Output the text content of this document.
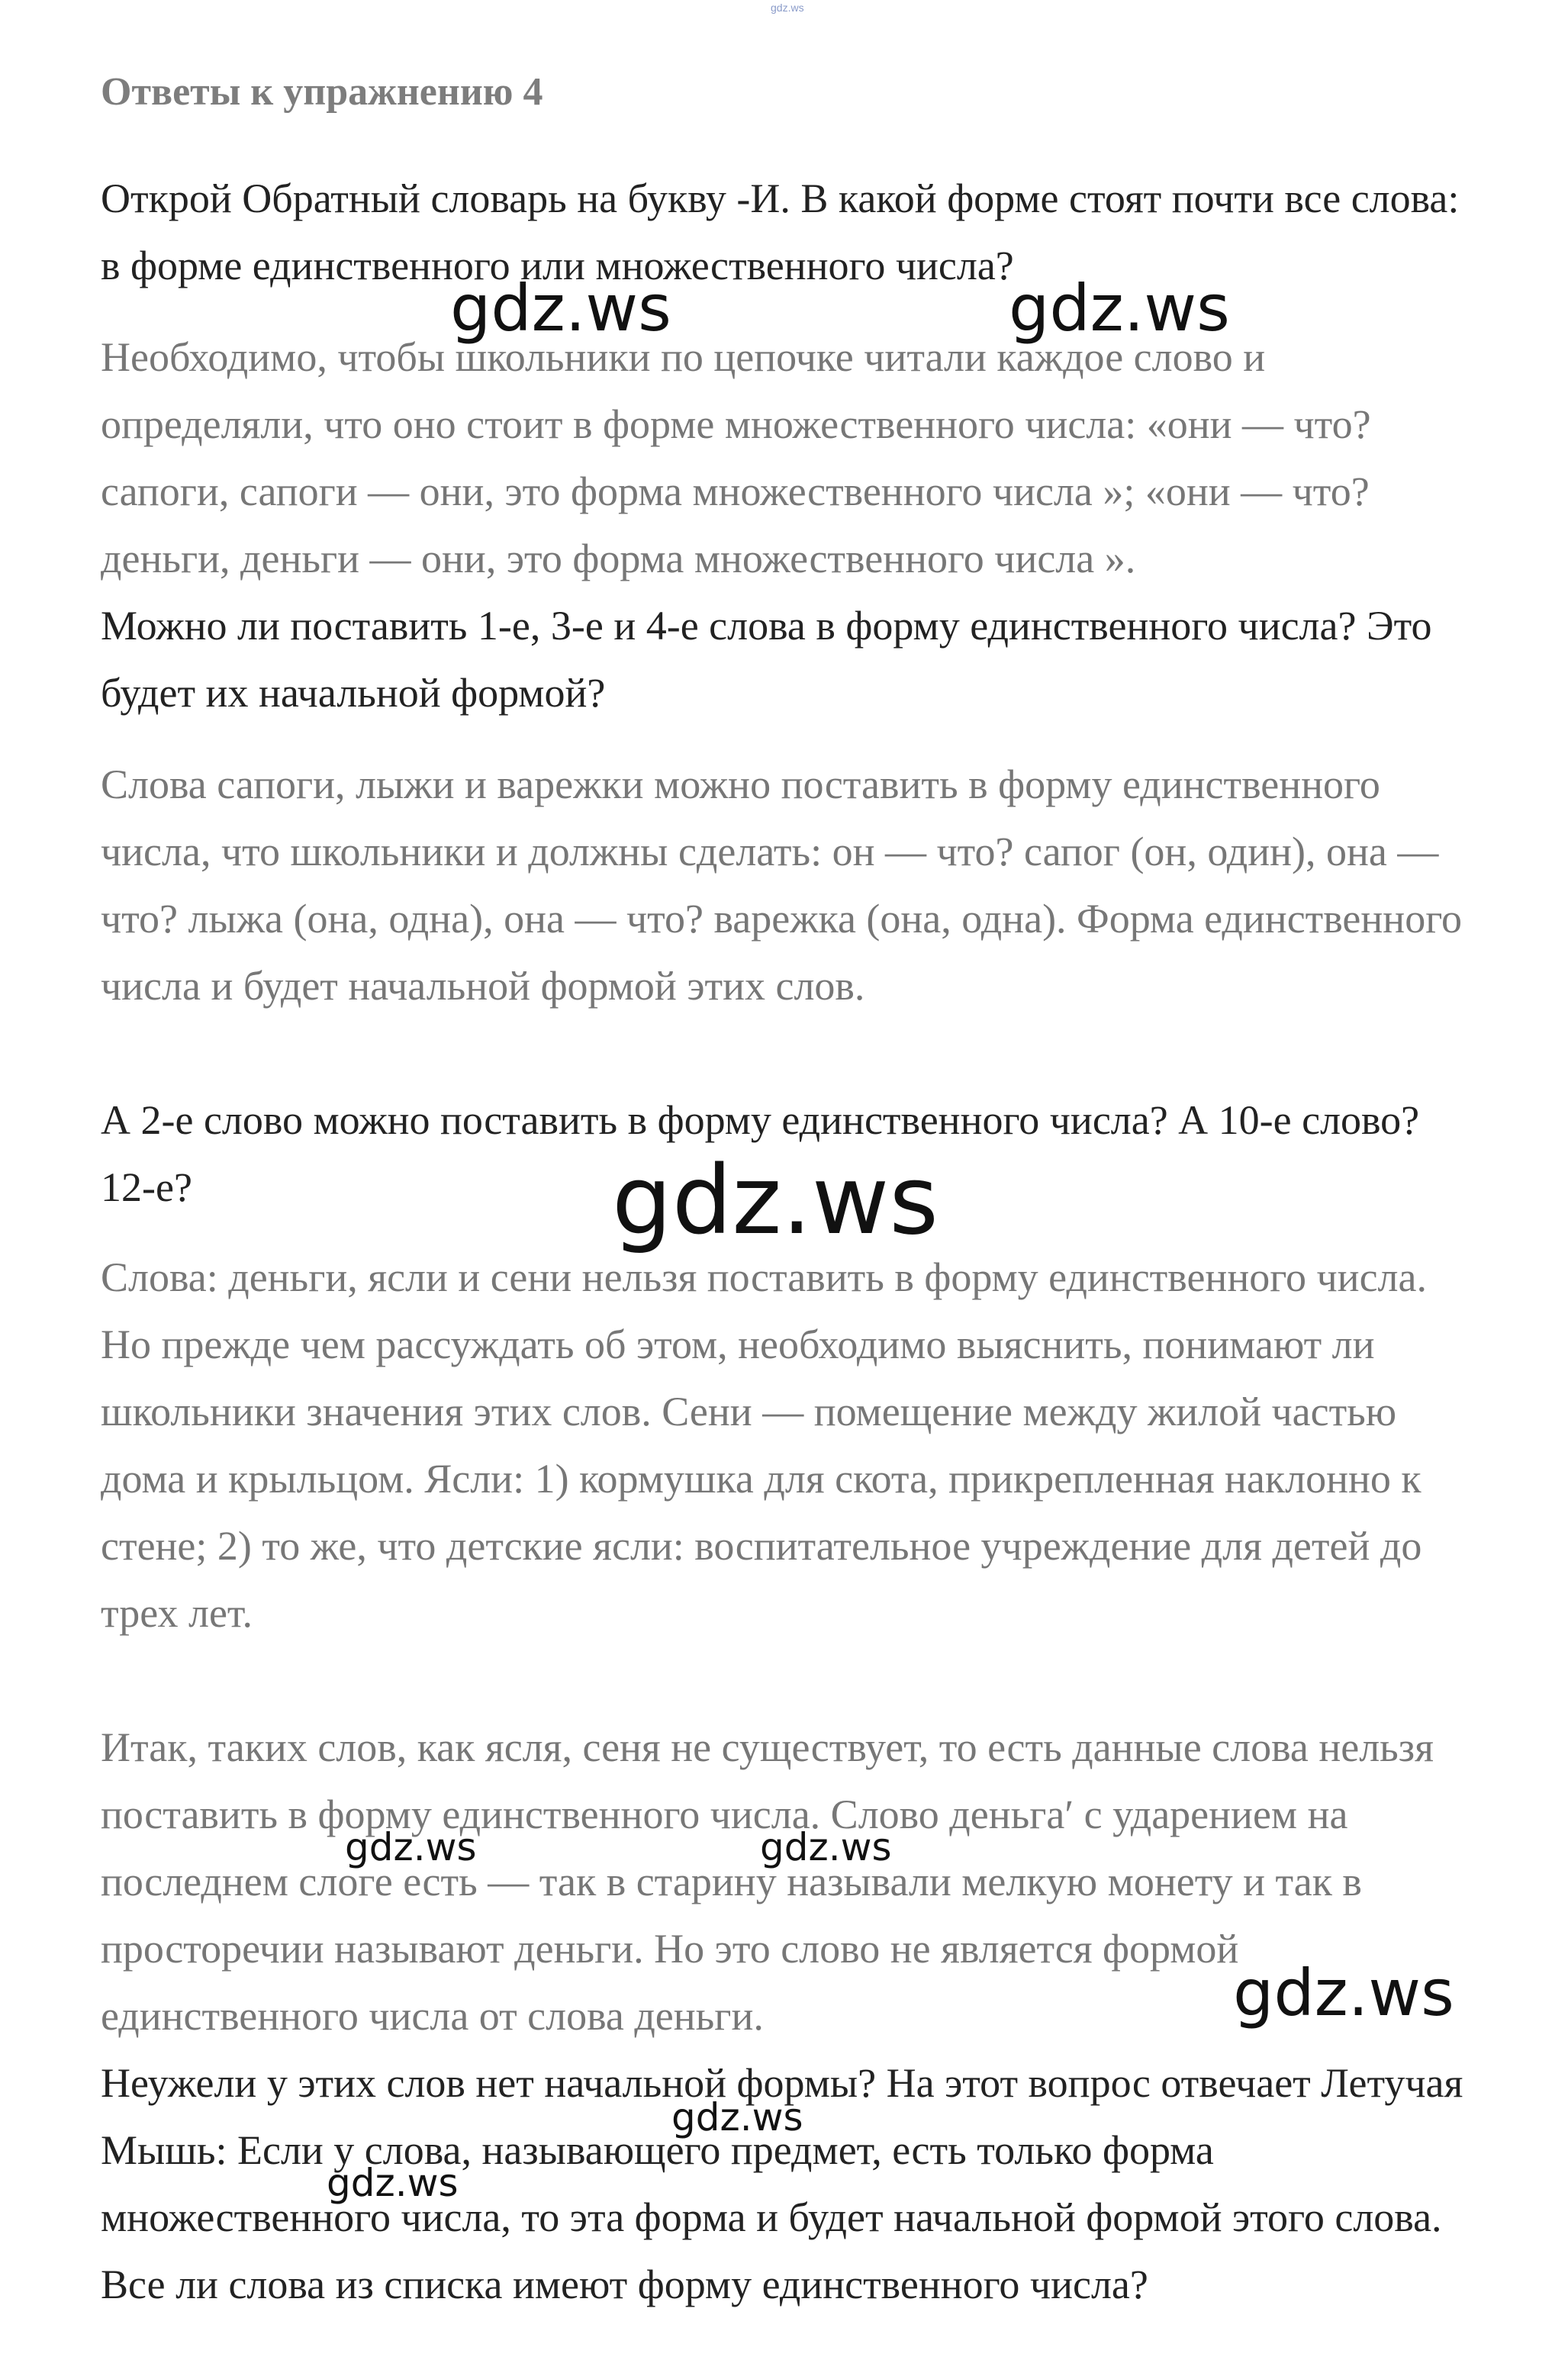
gdz.ws
Ответы к упражнению 4

Открой Обратный словарь на букву -И. В какой форме стоят почти все слова: в форме единственного или множественного числа?

Необходимо, чтобы школьники по цепочке читали каждое слово и определяли, что оно стоит в форме множественного числа: «они — что? сапоги, сапоги — они, это форма множественного числа »; «они — что? деньги, деньги — они, это форма множественного числа ».

Можно ли поставить 1-е, 3-е и 4-е слова в форму единственного числа? Это будет их начальной формой?

Слова сапоги, лыжи и варежки можно поставить в форму единственного числа, что школьники и должны сделать: он — что? сапог (он, один), она — что? лыжа (она, одна), она — что? варежка (она, одна). Форма единственного числа и будет начальной формой этих слов.

А 2-е слово можно поставить в форму единственного числа? А 10-е слово? 12-е?

Слова: деньги, ясли и сени нельзя поставить в форму единственного числа. Но прежде чем рассуждать об этом, необходимо выяснить, понимают ли школьники значения этих слов. Сени — помещение между жилой частью дома и крыльцом. Ясли: 1) кормушка для скота, прикрепленная наклонно к стене; 2) то же, что детские ясли: воспитательное учреждение для детей до трех лет.

Итак, таких слов, как ясля, сеня не существует, то есть данные слова нельзя поставить в форму единственного числа. Слово деньга′ с ударением на последнем слоге есть — так в старину называли мелкую монету и так в просторечии называют деньги. Но это слово не является формой единственного числа от слова деньги.

Неужели у этих слов нет начальной формы? На этот вопрос отвечает Летучая Мышь: Если у слова, называющего предмет, есть только форма множественного числа, то эта форма и будет начальной формой этого слова. Все ли слова из списка имеют форму единственного числа?

gdz.ws	gdz.ws
gdz.ws
gdz.ws	gdz.ws
gdz.ws
gdz.ws
gdz.ws
